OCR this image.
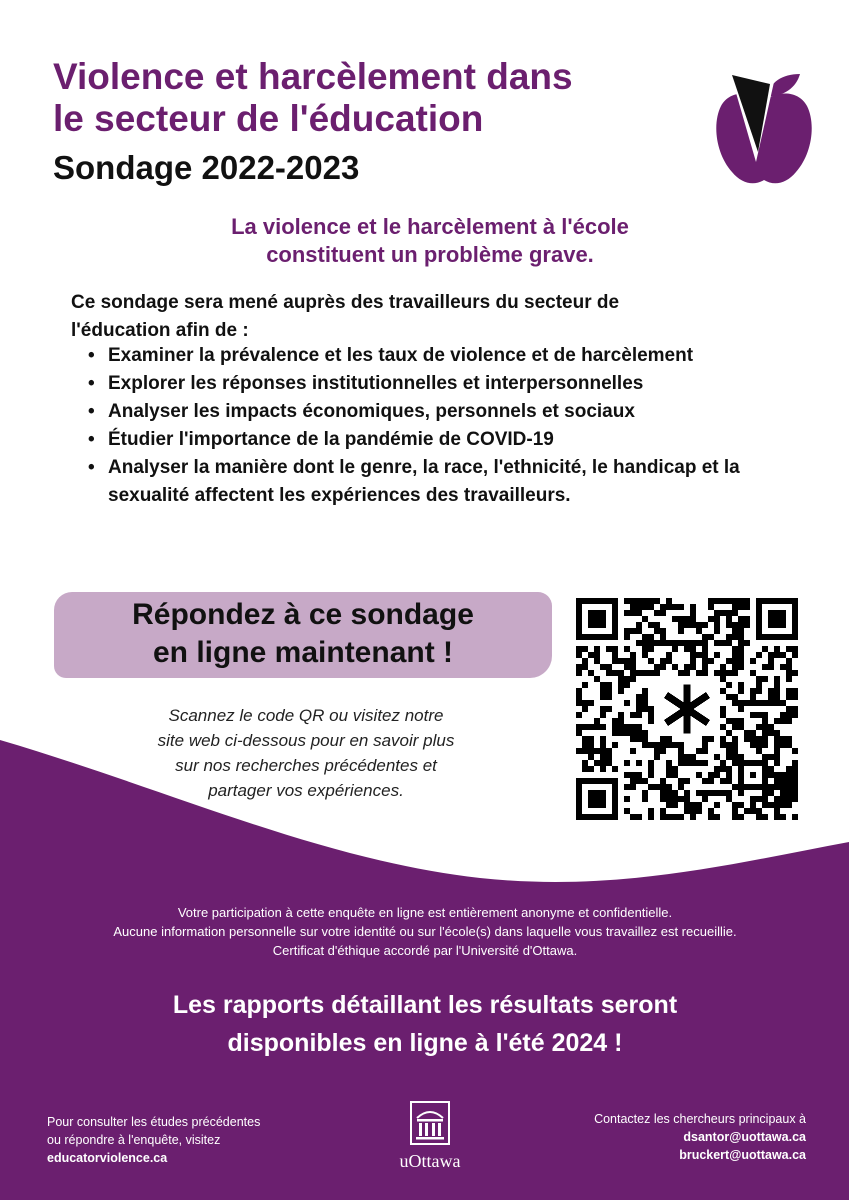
Violence et harcèlement dans
le secteur de l'éducation
Sondage 2022-2023

La violence et le harcèlement à l'école
constituent un problème grave.

Ce sondage sera mené auprès des travailleurs du secteur de
l'éducation afin de :

• Examiner la prévalence et les taux de violence et de harcèlement
• Explorer les réponses institutionnelles et interpersonnelles
• Analyser les impacts économiques, personnels et sociaux
• Étudier l'importance de la pandémie de COVID-19
• Analyser la manière dont le genre, la race, l'ethnicité, le handicap et la sexualité affectent les expériences des travailleurs.

Répondez à ce sondage
en ligne maintenant !

Scannez le code QR ou visitez notre
site web ci-dessous pour en savoir plus
sur nos recherches précédentes et
partager vos expériences.

Votre participation à cette enquête en ligne est entièrement anonyme et confidentielle.
Aucune information personnelle sur votre identité ou sur l'école(s) dans laquelle vous travaillez est recueillie.
Certificat d'éthique accordé par l'Université d'Ottawa.

Les rapports détaillant les résultats seront
disponibles en ligne à l'été 2024 !

Pour consulter les études précédentes
ou répondre à l'enquête, visitez
educatorviolence.ca	uOttawa
Contactez les chercheurs principaux à
dsantor@uottawa.ca
bruckert@uottawa.ca
